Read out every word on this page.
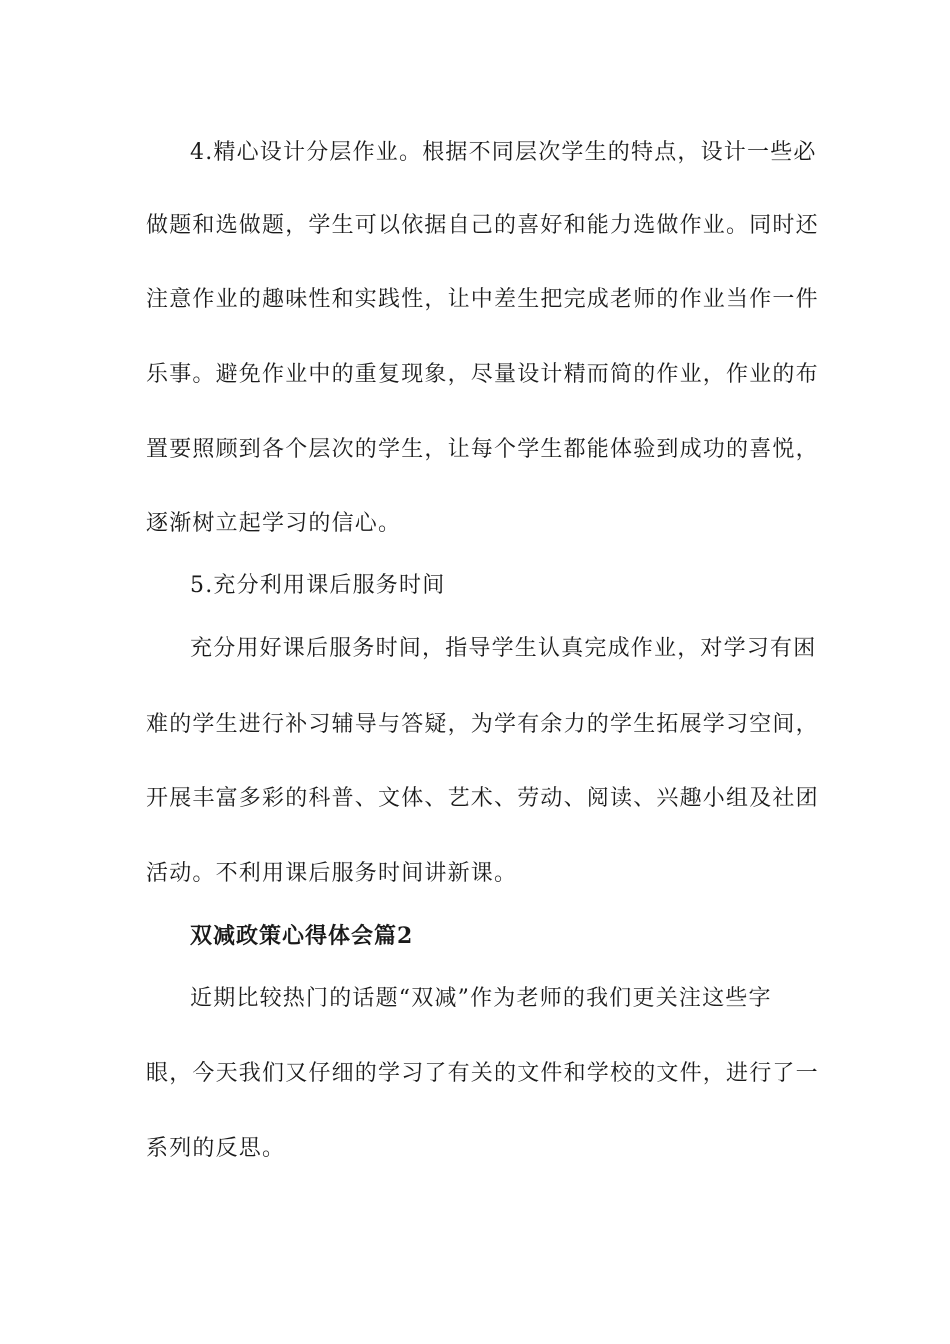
4.精心设计分层作业。根据不同层次学生的特点，设计一些必
做题和选做题，学生可以依据自己的喜好和能力选做作业。同时还
注意作业的趣味性和实践性，让中差生把完成老师的作业当作一件
乐事。避免作业中的重复现象，尽量设计精而简的作业，作业的布
置要照顾到各个层次的学生，让每个学生都能体验到成功的喜悦，
逐渐树立起学习的信心。
5.充分利用课后服务时间
充分用好课后服务时间，指导学生认真完成作业，对学习有困
难的学生进行补习辅导与答疑，为学有余力的学生拓展学习空间，
开展丰富多彩的科普、文体、艺术、劳动、阅读、兴趣小组及社团
活动。不利用课后服务时间讲新课。
双减政策心得体会篇2
近期比较热门的话题“双减”作为老师的我们更关注这些字
眼，今天我们又仔细的学习了有关的文件和学校的文件，进行了一
系列的反思。
